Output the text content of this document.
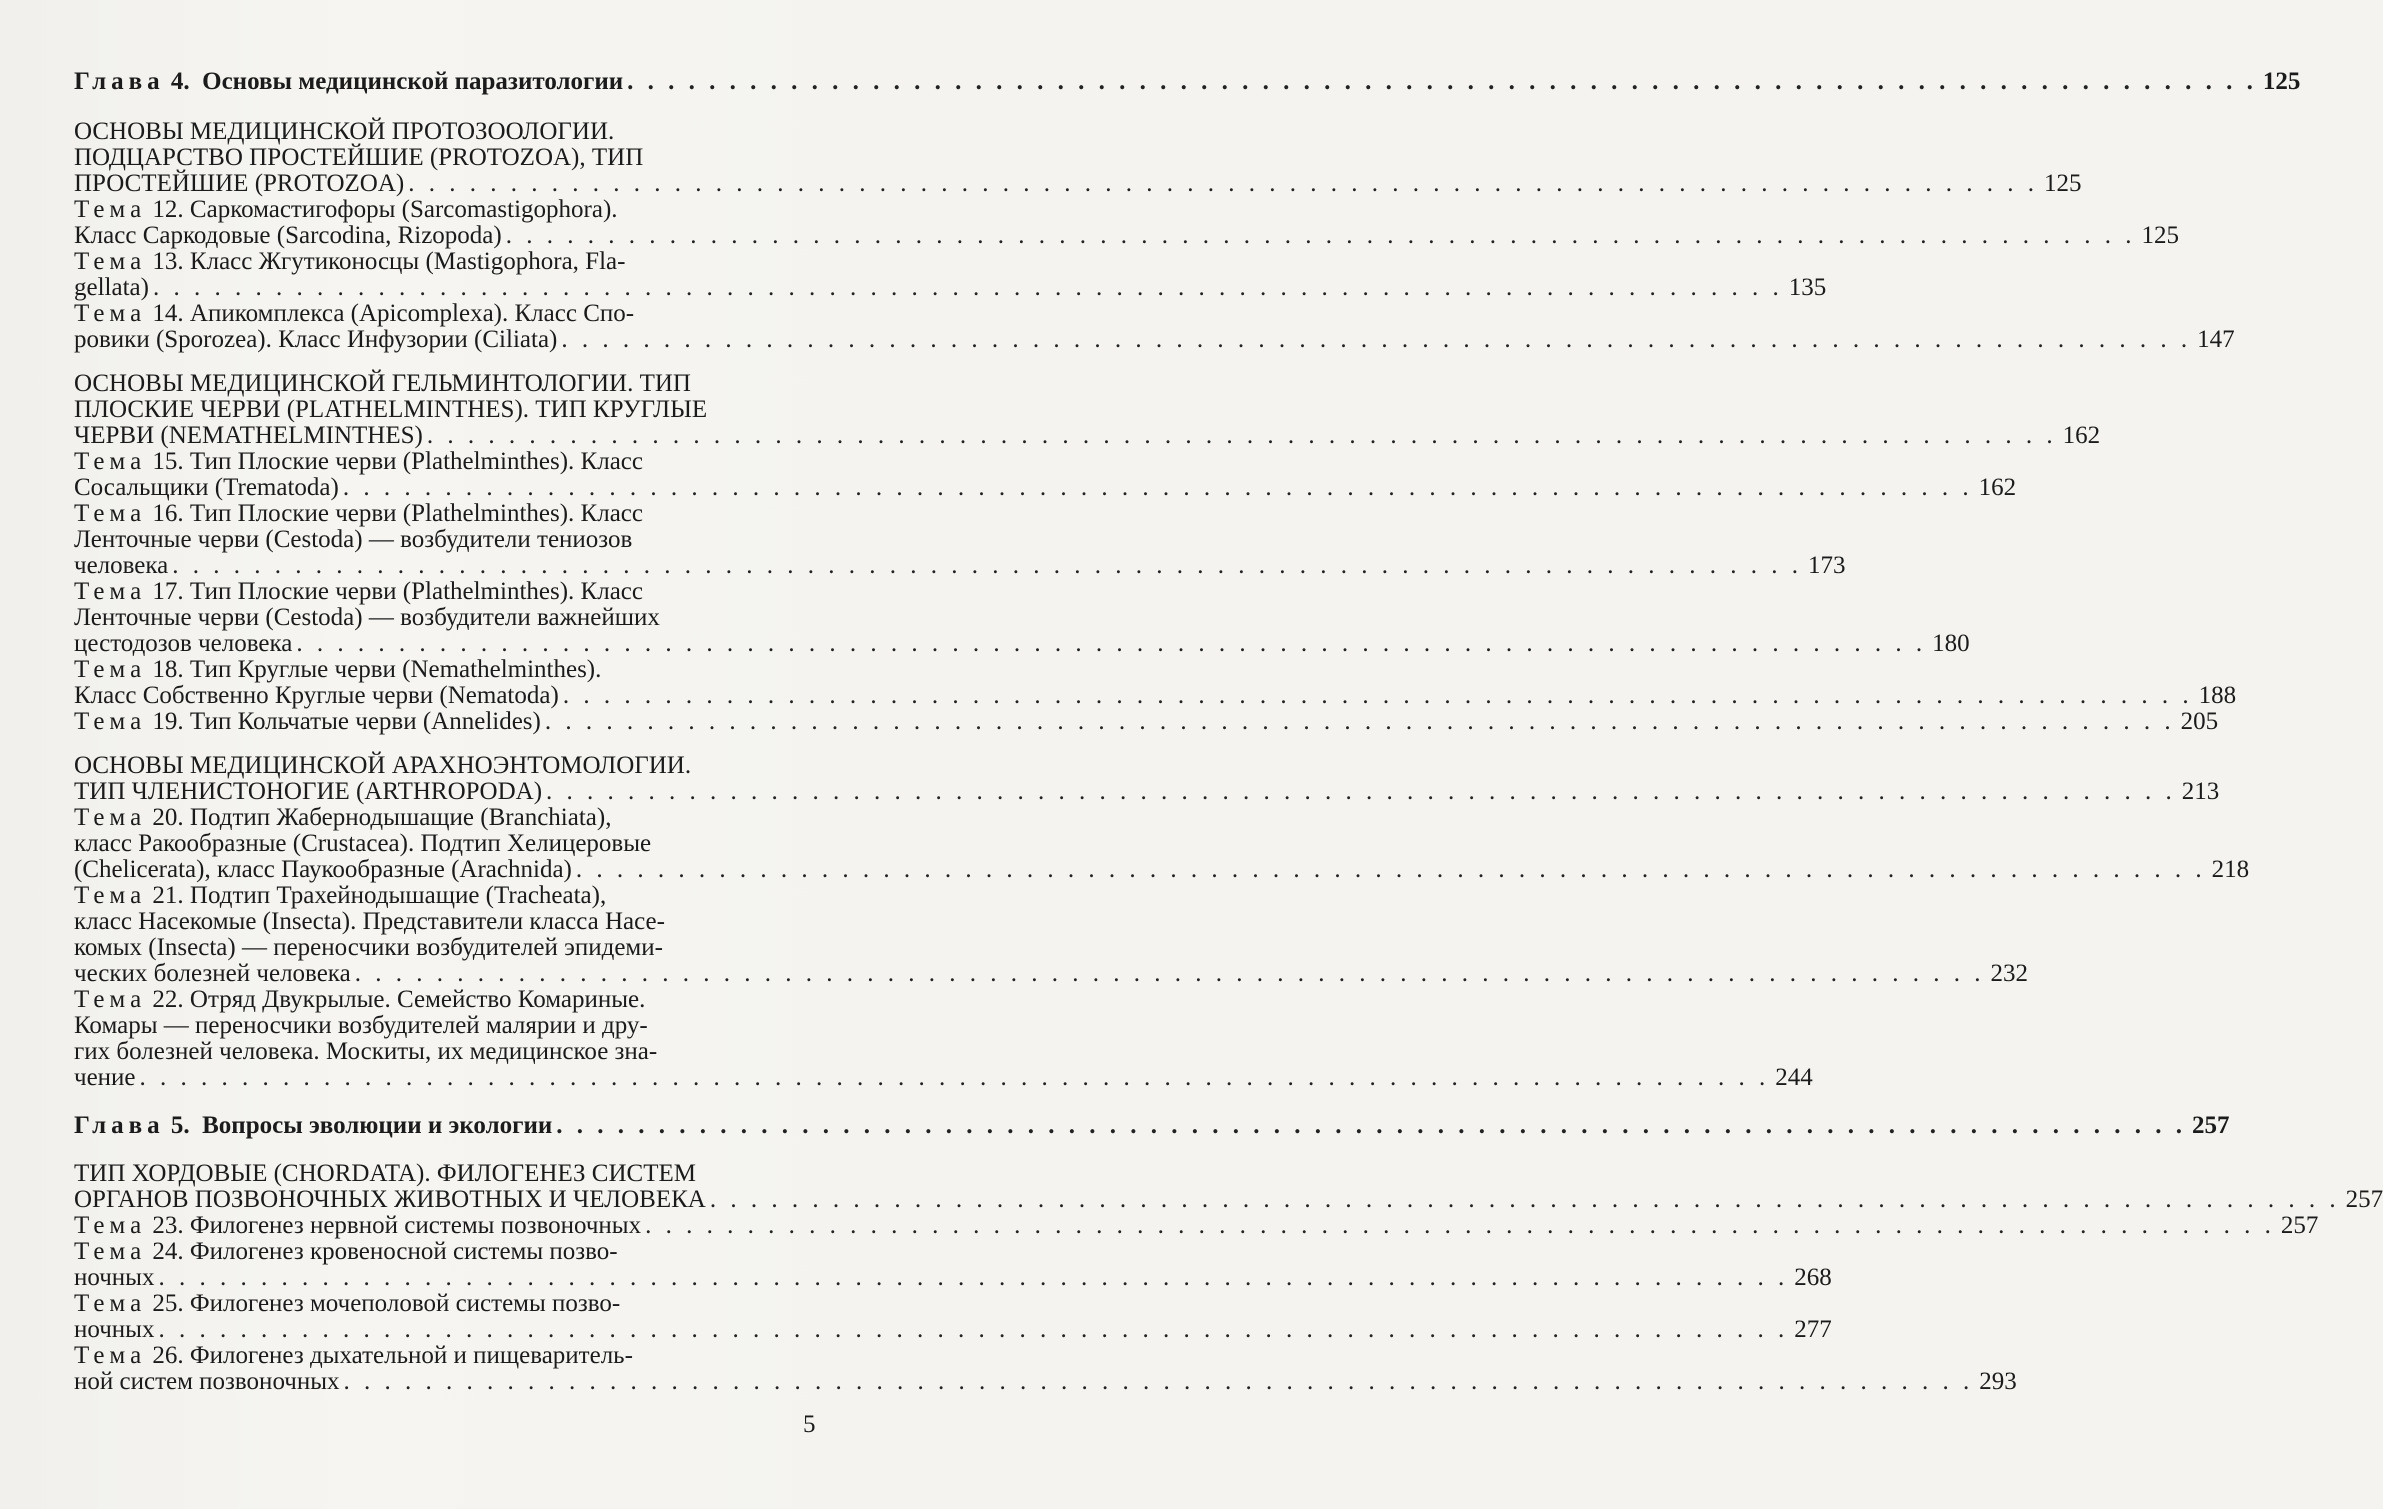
Глава 4. Основы медицинской паразитологии . . . . . . . . . . . . . . . . . . . . . . . . . . . . . . . . . . . . . . . . . . . . . . . . . . . . . . . . . . . . . . . . . . . . . . . . . . . . . . . . 125
ОСНОВЫ МЕДИЦИНСКОЙ ПРОТОЗООЛОГИИ.
ПОДЦАРСТВО ПРОСТЕЙШИЕ (PROTOZOA), ТИП
ПРОСТЕЙШИЕ (PROTOZOA) . . . . . . . . . . . . . . . . . . . . . . . . . . . . . . . . . . . . . . . . . . . . . . . . . . . . . . . . . . . . . . . . . . . . . . . . . . . . . . . . 125
Тема 12. Саркомастигофоры (Sarcomastigophora).
Класс Саркодовые (Sarcodina, Rizopoda) . . . . . . . . . . . . . . . . . . . . . . . . . . . . . . . . . . . . . . . . . . . . . . . . . . . . . . . . . . . . . . . . . . . . . . . . . . . . . . . . 125
Тема 13. Класс Жгутиконосцы (Mastigophora, Fla-
gellata) . . . . . . . . . . . . . . . . . . . . . . . . . . . . . . . . . . . . . . . . . . . . . . . . . . . . . . . . . . . . . . . . . . . . . . . . . . . . . . . . 135
Тема 14. Апикомплекса (Apicomplexa). Класс Спо-
ровики (Sporozea). Класс Инфузории (Ciliata) . . . . . . . . . . . . . . . . . . . . . . . . . . . . . . . . . . . . . . . . . . . . . . . . . . . . . . . . . . . . . . . . . . . . . . . . . . . . . . . . 147
ОСНОВЫ МЕДИЦИНСКОЙ ГЕЛЬМИНТОЛОГИИ. ТИП
ПЛОСКИЕ ЧЕРВИ (PLATHELMINTHES). ТИП КРУГЛЫЕ
ЧЕРВИ (NEMATHELMINTHES) . . . . . . . . . . . . . . . . . . . . . . . . . . . . . . . . . . . . . . . . . . . . . . . . . . . . . . . . . . . . . . . . . . . . . . . . . . . . . . . . 162
Тема 15. Тип Плоские черви (Plathelminthes). Класс
Сосальщики (Trematoda) . . . . . . . . . . . . . . . . . . . . . . . . . . . . . . . . . . . . . . . . . . . . . . . . . . . . . . . . . . . . . . . . . . . . . . . . . . . . . . . . 162
Тема 16. Тип Плоские черви (Plathelminthes). Класс
Ленточные черви (Cestoda) — возбудители тениозов
человека . . . . . . . . . . . . . . . . . . . . . . . . . . . . . . . . . . . . . . . . . . . . . . . . . . . . . . . . . . . . . . . . . . . . . . . . . . . . . . . . 173
Тема 17. Тип Плоские черви (Plathelminthes). Класс
Ленточные черви (Cestoda) — возбудители важнейших
цестодозов человека . . . . . . . . . . . . . . . . . . . . . . . . . . . . . . . . . . . . . . . . . . . . . . . . . . . . . . . . . . . . . . . . . . . . . . . . . . . . . . . . 180
Тема 18. Тип Круглые черви (Nemathelminthes).
Класс Собственно Круглые черви (Nematoda) . . . . . . . . . . . . . . . . . . . . . . . . . . . . . . . . . . . . . . . . . . . . . . . . . . . . . . . . . . . . . . . . . . . . . . . . . . . . . . . . 188
Тема 19. Тип Кольчатые черви (Annelides) . . . . . . . . . . . . . . . . . . . . . . . . . . . . . . . . . . . . . . . . . . . . . . . . . . . . . . . . . . . . . . . . . . . . . . . . . . . . . . . . 205
ОСНОВЫ МЕДИЦИНСКОЙ АРАХНОЭНТОМОЛОГИИ.
ТИП ЧЛЕНИСТОНОГИЕ (ARTHROPODA) . . . . . . . . . . . . . . . . . . . . . . . . . . . . . . . . . . . . . . . . . . . . . . . . . . . . . . . . . . . . . . . . . . . . . . . . . . . . . . . . 213
Тема 20. Подтип Жабернодышащие (Branchiata),
класс Ракообразные (Crustacea). Подтип Хелицеровые
(Chelicerata), класс Паукообразные (Arachnida) . . . . . . . . . . . . . . . . . . . . . . . . . . . . . . . . . . . . . . . . . . . . . . . . . . . . . . . . . . . . . . . . . . . . . . . . . . . . . . . . 218
Тема 21. Подтип Трахейнодышащие (Tracheata),
класс Насекомые (Insecta). Представители класса Насе-
комых (Insecta) — переносчики возбудителей эпидеми-
ческих болезней человека . . . . . . . . . . . . . . . . . . . . . . . . . . . . . . . . . . . . . . . . . . . . . . . . . . . . . . . . . . . . . . . . . . . . . . . . . . . . . . . . 232
Тема 22. Отряд Двукрылые. Семейство Комариные.
Комары — переносчики возбудителей малярии и дру-
гих болезней человека. Москиты, их медицинское зна-
чение . . . . . . . . . . . . . . . . . . . . . . . . . . . . . . . . . . . . . . . . . . . . . . . . . . . . . . . . . . . . . . . . . . . . . . . . . . . . . . . . 244
Глава 5. Вопросы эволюции и экологии . . . . . . . . . . . . . . . . . . . . . . . . . . . . . . . . . . . . . . . . . . . . . . . . . . . . . . . . . . . . . . . . . . . . . . . . . . . . . . . . 257
ТИП ХОРДОВЫЕ (CHORDATA). ФИЛОГЕНЕЗ СИСТЕМ
ОРГАНОВ ПОЗВОНОЧНЫХ ЖИВОТНЫХ И ЧЕЛОВЕКА . . . . . . . . . . . . . . . . . . . . . . . . . . . . . . . . . . . . . . . . . . . . . . . . . . . . . . . . . . . . . . . . . . . . . . . . . . . . . . . . 257
Тема 23. Филогенез нервной системы позвоночных . . . . . . . . . . . . . . . . . . . . . . . . . . . . . . . . . . . . . . . . . . . . . . . . . . . . . . . . . . . . . . . . . . . . . . . . . . . . . . . . 257
Тема 24. Филогенез кровеносной системы позво-
ночных . . . . . . . . . . . . . . . . . . . . . . . . . . . . . . . . . . . . . . . . . . . . . . . . . . . . . . . . . . . . . . . . . . . . . . . . . . . . . . . . 268
Тема 25. Филогенез мочеполовой системы позво-
ночных . . . . . . . . . . . . . . . . . . . . . . . . . . . . . . . . . . . . . . . . . . . . . . . . . . . . . . . . . . . . . . . . . . . . . . . . . . . . . . . . 277
Тема 26. Филогенез дыхательной и пищеваритель-
ной систем позвоночных . . . . . . . . . . . . . . . . . . . . . . . . . . . . . . . . . . . . . . . . . . . . . . . . . . . . . . . . . . . . . . . . . . . . . . . . . . . . . . . . 293
5
